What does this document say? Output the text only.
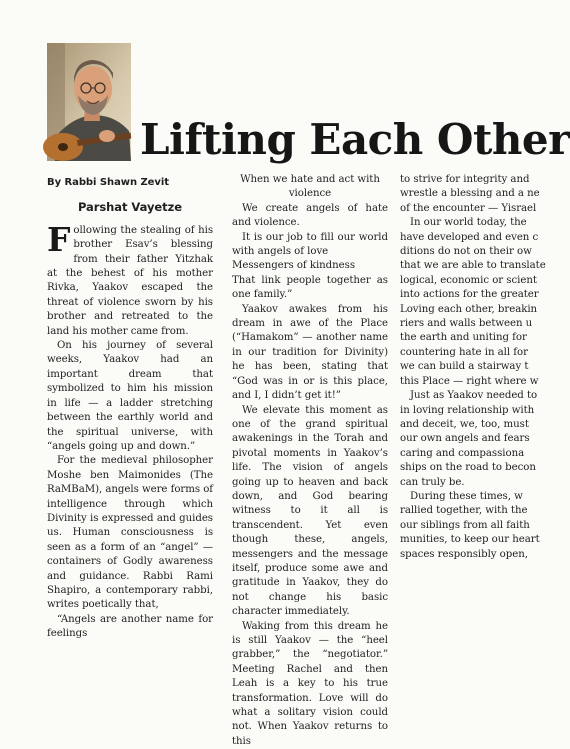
Lifting Each Other
By Rabbi Shawn Zevit
Parshat Vayetze

Following the stealing of his brother Esav’s blessing from their father Yitzhak at the behest of his mother Rivka, Yaakov escaped the threat of violence sworn by his brother and retreated to the land his mother came from.

On his journey of several weeks, Yaakov had an important dream that symbolized to him his mission in life — a ladder stretching between the earthly world and the spiritual universe, with “angels going up and down.”

For the medieval philosopher Moshe ben Maimonides (The RaMBaM), angels were forms of intelligence through which Divinity is expressed and guides us. Human consciousness is seen as a form of an “angel” — containers of Godly awareness and guidance. Rabbi Rami Shapiro, a contemporary rabbi, writes poetically that,

“Angels are another name for feelings

When we hate and act with violence

We create angels of hate and violence.

It is our job to fill our world with angels of love

Messengers of kindness

That link people together as one family.”

Yaakov awakes from his dream in awe of the Place (“Hamakom” — another name in our tradition for Divinity) he has been, stating that “God was in or is this place, and I, I didn’t get it!”

We elevate this moment as one of the grand spiritual awakenings in the Torah and pivotal moments in Yaakov’s life. The vision of angels going up to heaven and back down, and God bearing witness to it all is transcendent. Yet even though these, angels, messengers and the message itself, produce some awe and gratitude in Yaakov, they do not change his basic character immediately.

Waking from this dream he is still Yaakov — the “heel grabber,” the “negotiator.” Meeting Rachel and then Leah is a key to his true transformation. Love will do what a solitary vision could not. When Yaakov returns to this

to strive for integrity and

wrestle a blessing and a ne

of the encounter — Yisrael

In our world today, the

have developed and even c

ditions do not on their ow

that we are able to translate

logical, economic or scient

into actions for the greater

Loving each other, breakin

riers and walls between u

the earth and uniting for

countering hate in all for

we can build a stairway t

this Place — right where w

Just as Yaakov needed to

in loving relationship with

and deceit, we, too, must

our own angels and fears

caring and compassiona

ships on the road to becon

can truly be.

During these times, w

rallied together, with the

our siblings from all faith

munities, to keep our heart

spaces responsibly open,
